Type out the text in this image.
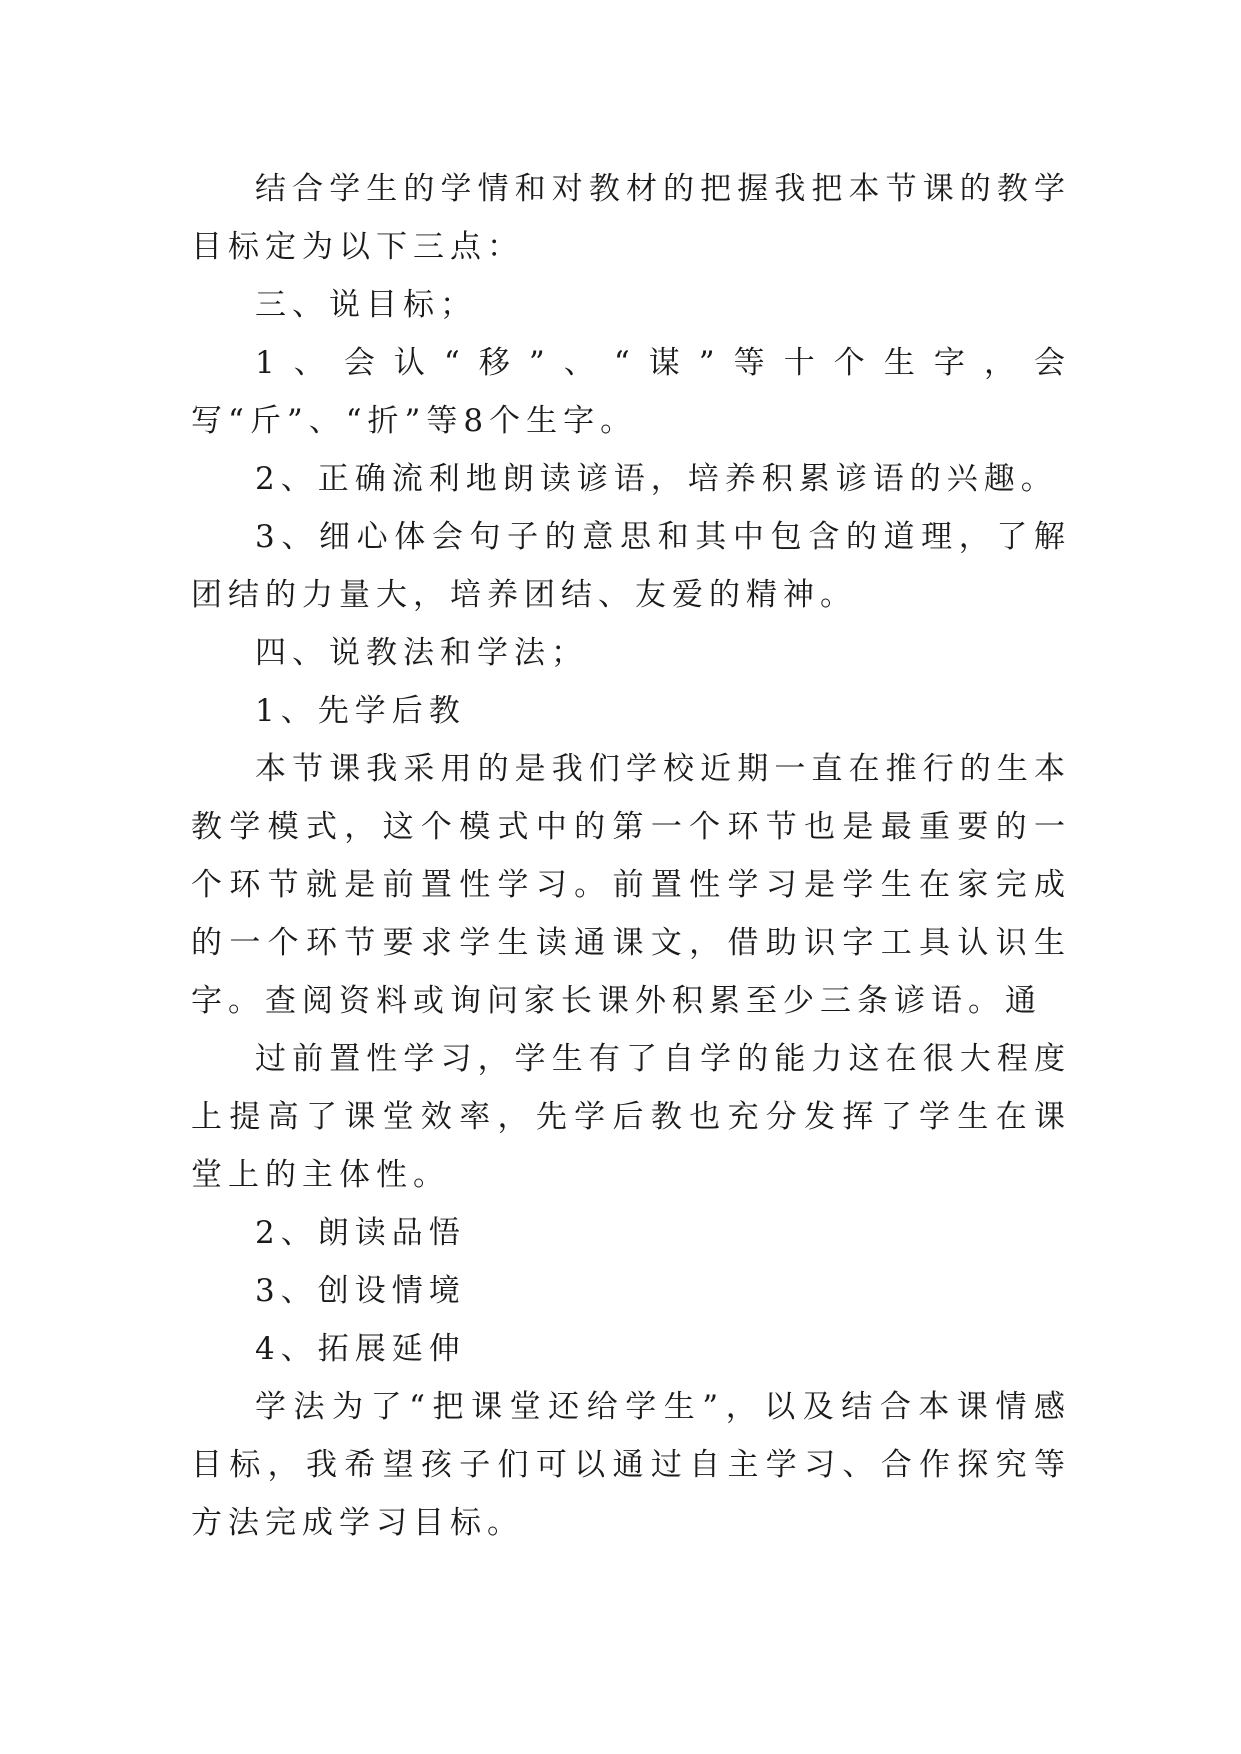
结合学生的学情和对教材的把握我把本节课的教学目标定为以下三点：

三、说目标；

1、会认“移”、“谋”等十个生字，会写“斤”、“折”等8个生字。

2、正确流利地朗读谚语，培养积累谚语的兴趣。

3、细心体会句子的意思和其中包含的道理，了解团结的力量大，培养团结、友爱的精神。

四、说教法和学法；

1、先学后教

本节课我采用的是我们学校近期一直在推行的生本教学模式，这个模式中的第一个环节也是最重要的一个环节就是前置性学习。前置性学习是学生在家完成的一个环节要求学生读通课文，借助识字工具认识生字。查阅资料或询问家长课外积累至少三条谚语。通

过前置性学习，学生有了自学的能力这在很大程度上提高了课堂效率，先学后教也充分发挥了学生在课堂上的主体性。

2、朗读品悟

3、创设情境

4、拓展延伸

学法为了“把课堂还给学生”，以及结合本课情感目标，我希望孩子们可以通过自主学习、合作探究等方法完成学习目标。
